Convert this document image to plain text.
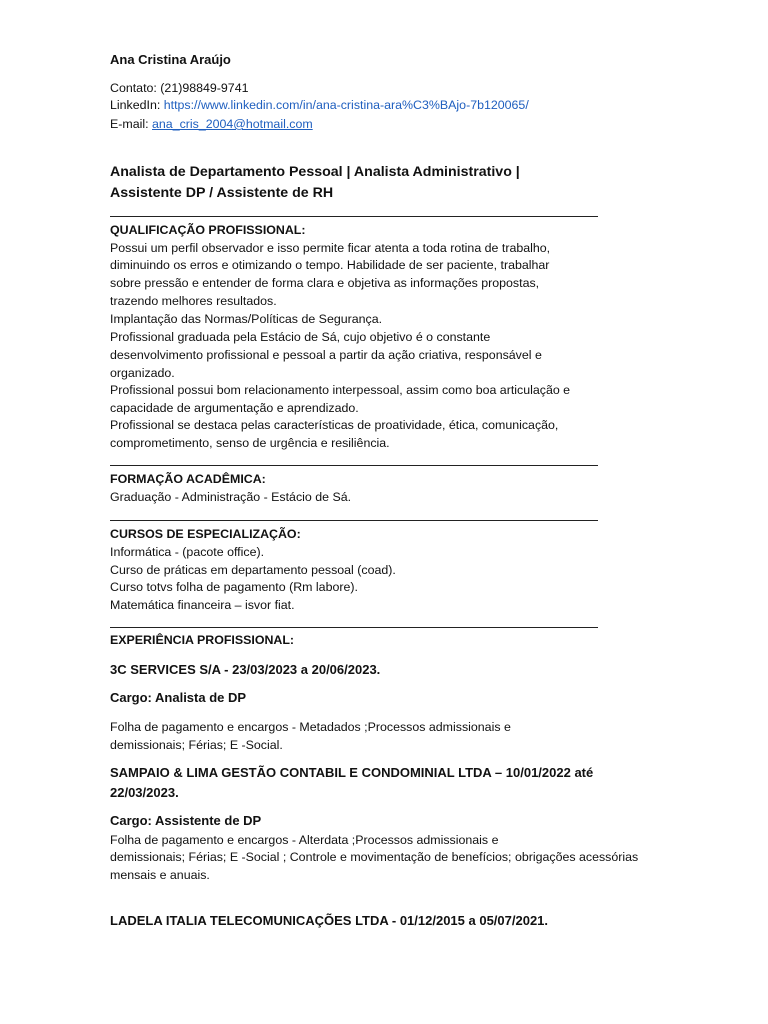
Ana Cristina Araújo
Contato: (21)98849-9741
LinkedIn: https://www.linkedin.com/in/ana-cristina-ara%C3%BAjo-7b120065/
E-mail: ana_cris_2004@hotmail.com
Analista de Departamento Pessoal | Analista Administrativo |
Assistente DP / Assistente de RH
QUALIFICAÇÃO PROFISSIONAL:
Possui um perfil observador e isso permite ficar atenta a toda rotina de trabalho,
diminuindo os erros e otimizando o tempo. Habilidade de ser paciente, trabalhar
sobre pressão e entender de forma clara e objetiva as informações propostas,
trazendo melhores resultados.
Implantação das Normas/Políticas de Segurança.
Profissional graduada pela Estácio de Sá, cujo objetivo é o constante
desenvolvimento profissional e pessoal a partir da ação criativa, responsável e
organizado.
Profissional possui bom relacionamento interpessoal, assim como boa articulação e
capacidade de argumentação e aprendizado.
Profissional se destaca pelas características de proatividade, ética, comunicação,
comprometimento, senso de urgência e resiliência.
FORMAÇÃO ACADÊMICA:
Graduação - Administração - Estácio de Sá.
CURSOS DE ESPECIALIZAÇÃO:
Informática - (pacote office).
Curso de práticas em departamento pessoal (coad).
Curso totvs folha de pagamento (Rm labore).
Matemática financeira – isvor fiat.
EXPERIÊNCIA PROFISSIONAL:
3C SERVICES S/A - 23/03/2023 a 20/06/2023.
Cargo: Analista de DP
Folha de pagamento e encargos - Metadados ;Processos admissionais e
demissionais; Férias; E -Social.
SAMPAIO & LIMA GESTÃO CONTABIL E CONDOMINIAL LTDA – 10/01/2022 até
22/03/2023.
Cargo: Assistente de DP
Folha de pagamento e encargos - Alterdata ;Processos admissionais e
demissionais; Férias; E -Social ; Controle e movimentação de benefícios; obrigações acessórias
mensais e anuais.
LADELA ITALIA TELECOMUNICAÇÕES LTDA - 01/12/2015 a 05/07/2021.
